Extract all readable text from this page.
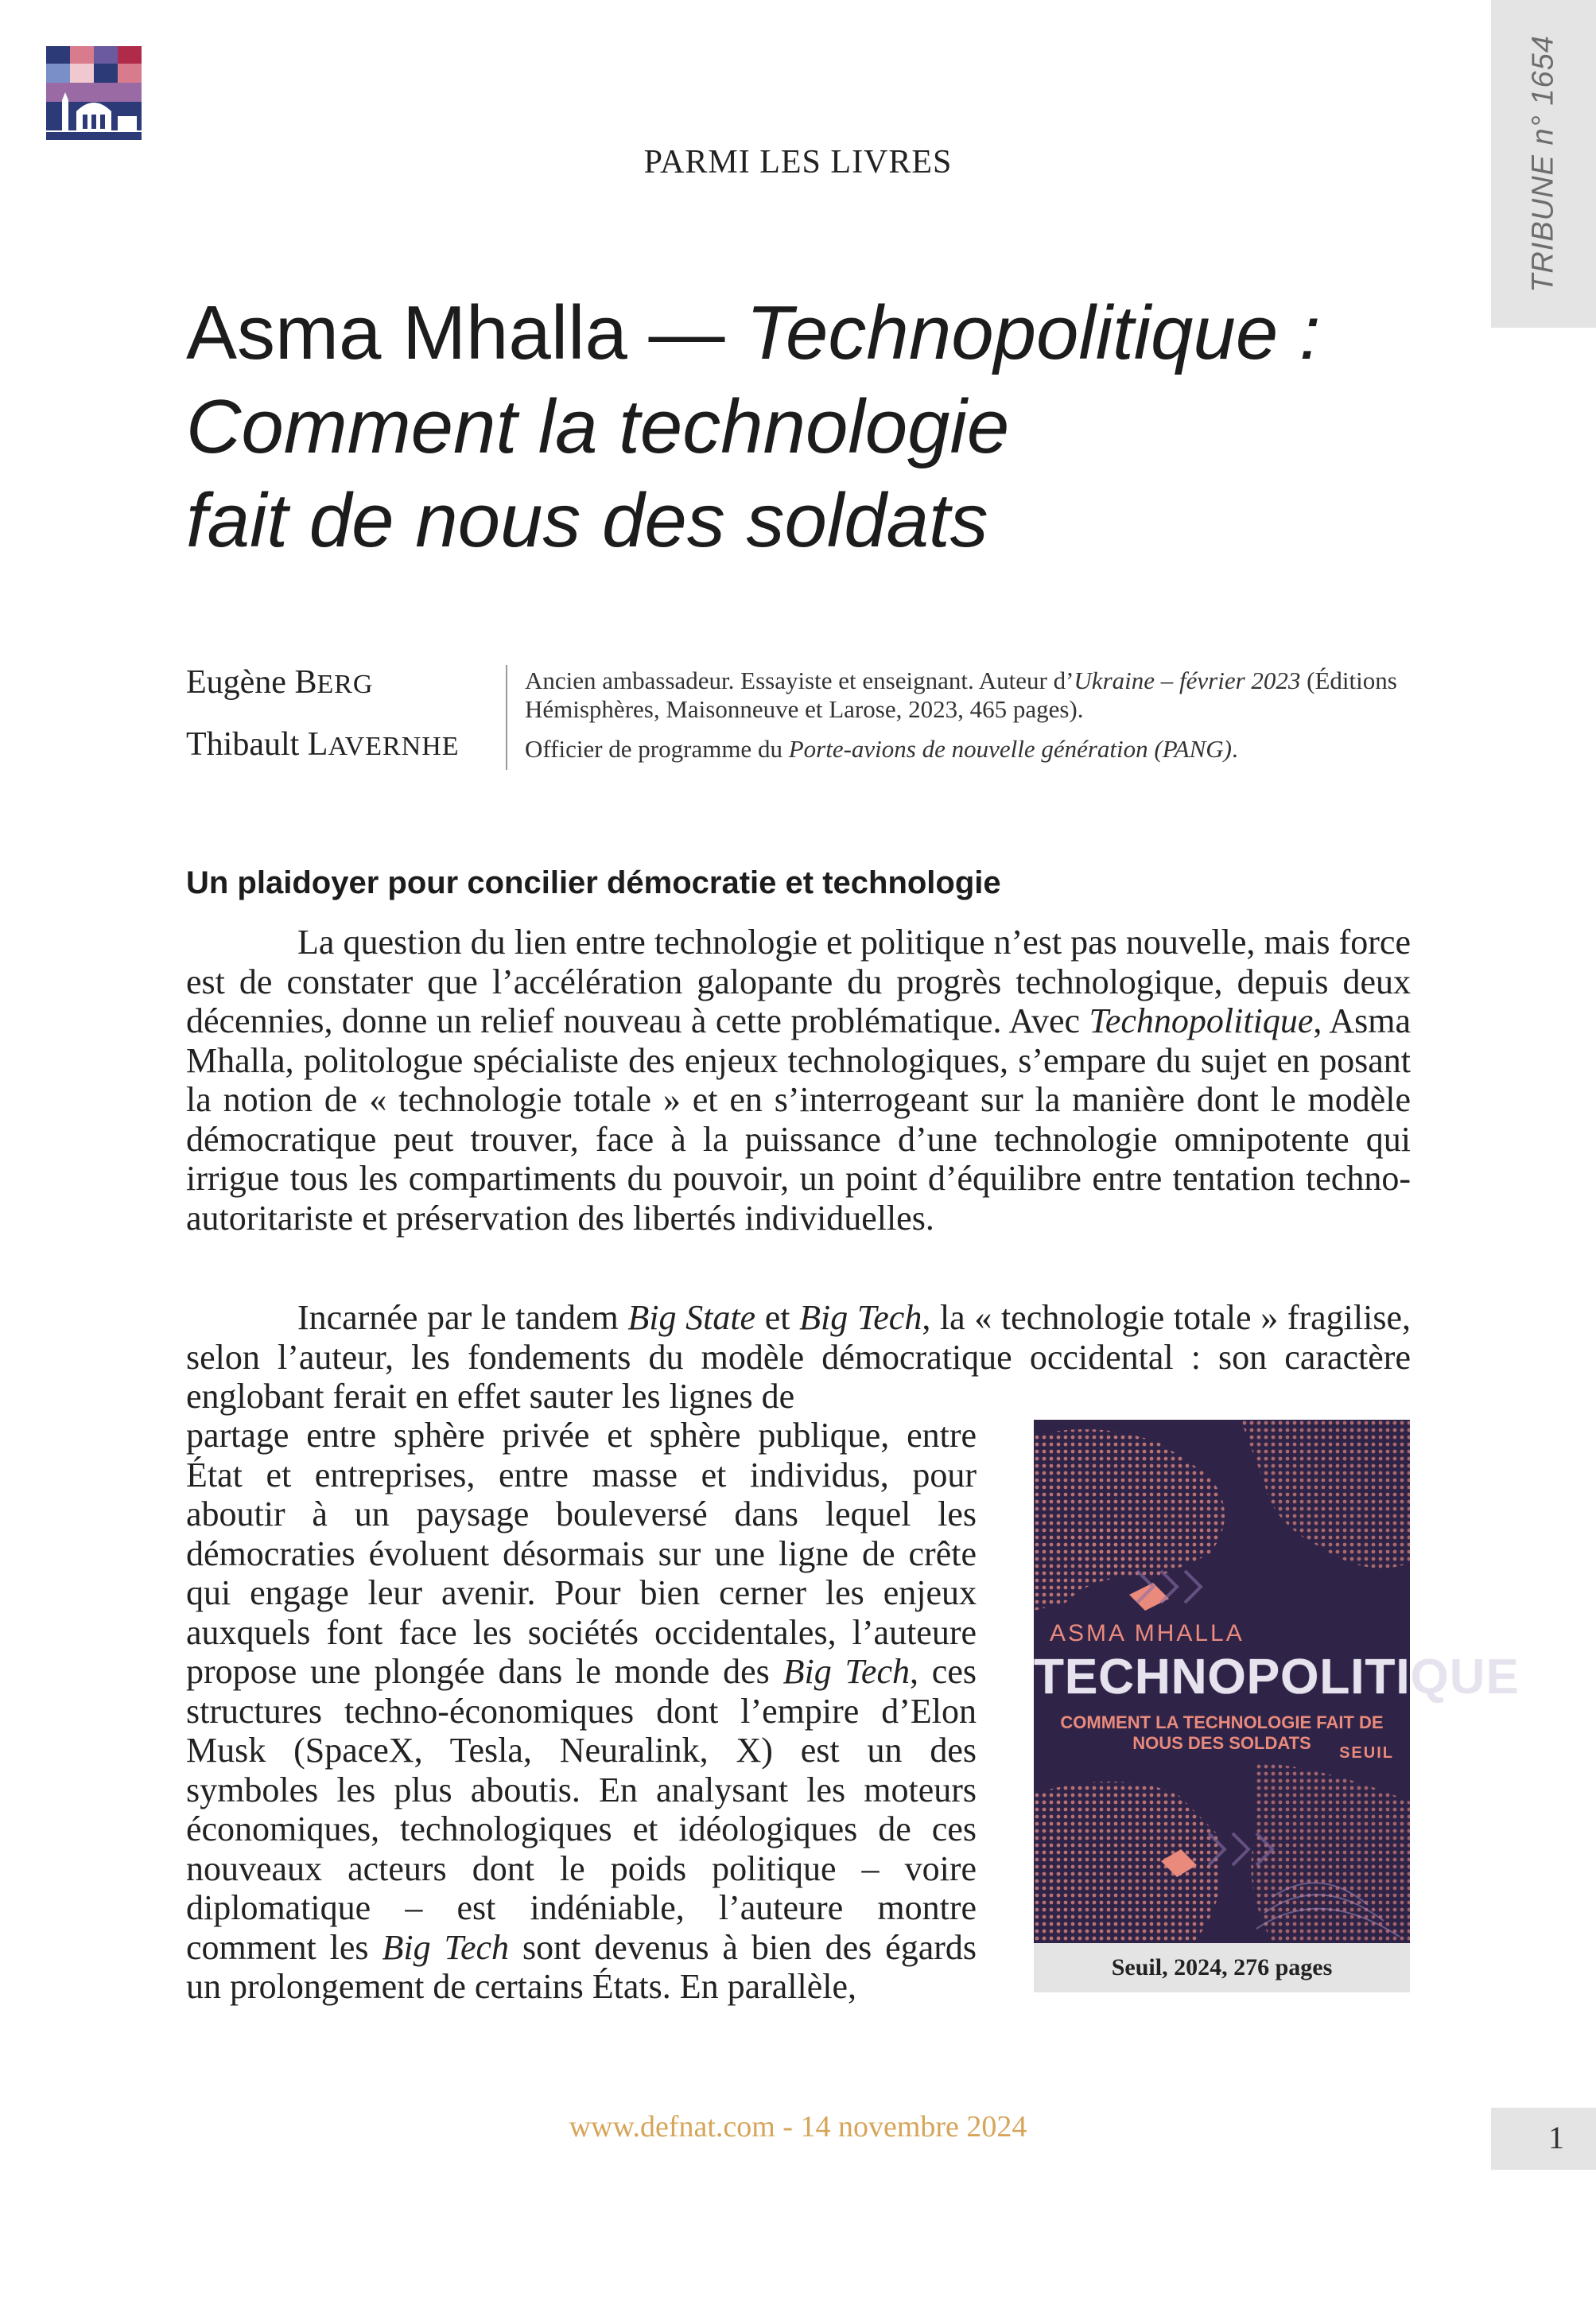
TRIBUNE n° 1654
PARMI LES LIVRES
Asma Mhalla — Technopolitique :
Comment la technologie
fait de nous des soldats
Eugène BERG
Thibault LAVERNHE
Ancien ambassadeur. Essayiste et enseignant. Auteur d’Ukraine – février 2023 (Éditions Hémisphères, Maisonneuve et Larose, 2023, 465 pages).
Officier de programme du Porte-avions de nouvelle génération (PANG).
Un plaidoyer pour concilier démocratie et technologie

La question du lien entre technologie et politique n’est pas nouvelle, mais force est de constater que l’accélération galopante du progrès technologique, depuis deux décennies, donne un relief nouveau à cette problématique. Avec Technopolitique, Asma Mhalla, politologue spécialiste des enjeux technologiques, s’empare du sujet en posant la notion de « technologie totale » et en s’interrogeant sur la manière dont le modèle démocratique peut trouver, face à la puissance d’une technologie omnipotente qui irrigue tous les compartiments du pouvoir, un point d’équilibre entre tentation techno-autoritariste et préservation des libertés individuelles.

Incarnée par le tandem Big State et Big Tech, la « technologie totale » fragilise, selon l’auteur, les fondements du modèle démocratique occidental : son caractère englobant ferait en effet sauter les lignes de

partage entre sphère privée et sphère publique, entre État et entreprises, entre masse et individus, pour aboutir à un paysage bouleversé dans lequel les démocraties évoluent désormais sur une ligne de crête qui engage leur avenir. Pour bien cerner les enjeux auxquels font face les sociétés occidentales, l’auteure propose une plongée dans le monde des Big Tech, ces structures techno-économiques dont l’empire d’Elon Musk (SpaceX, Tesla, Neuralink, X) est un des symboles les plus aboutis. En analysant les moteurs économiques, technologiques et idéologiques de ces nouveaux acteurs dont le poids politique – voire diplomatique – est indéniable, l’auteure montre comment les Big Tech sont devenus à bien des égards un prolongement de certains États. En parallèle,

ASMA MHALLA
TECHNOPOLITIQUE
COMMENT LA TECHNOLOGIE FAIT DE NOUS DES SOLDATS	SEUIL
Seuil, 2024, 276 pages
www.defnat.com - 14 novembre 2024	1
